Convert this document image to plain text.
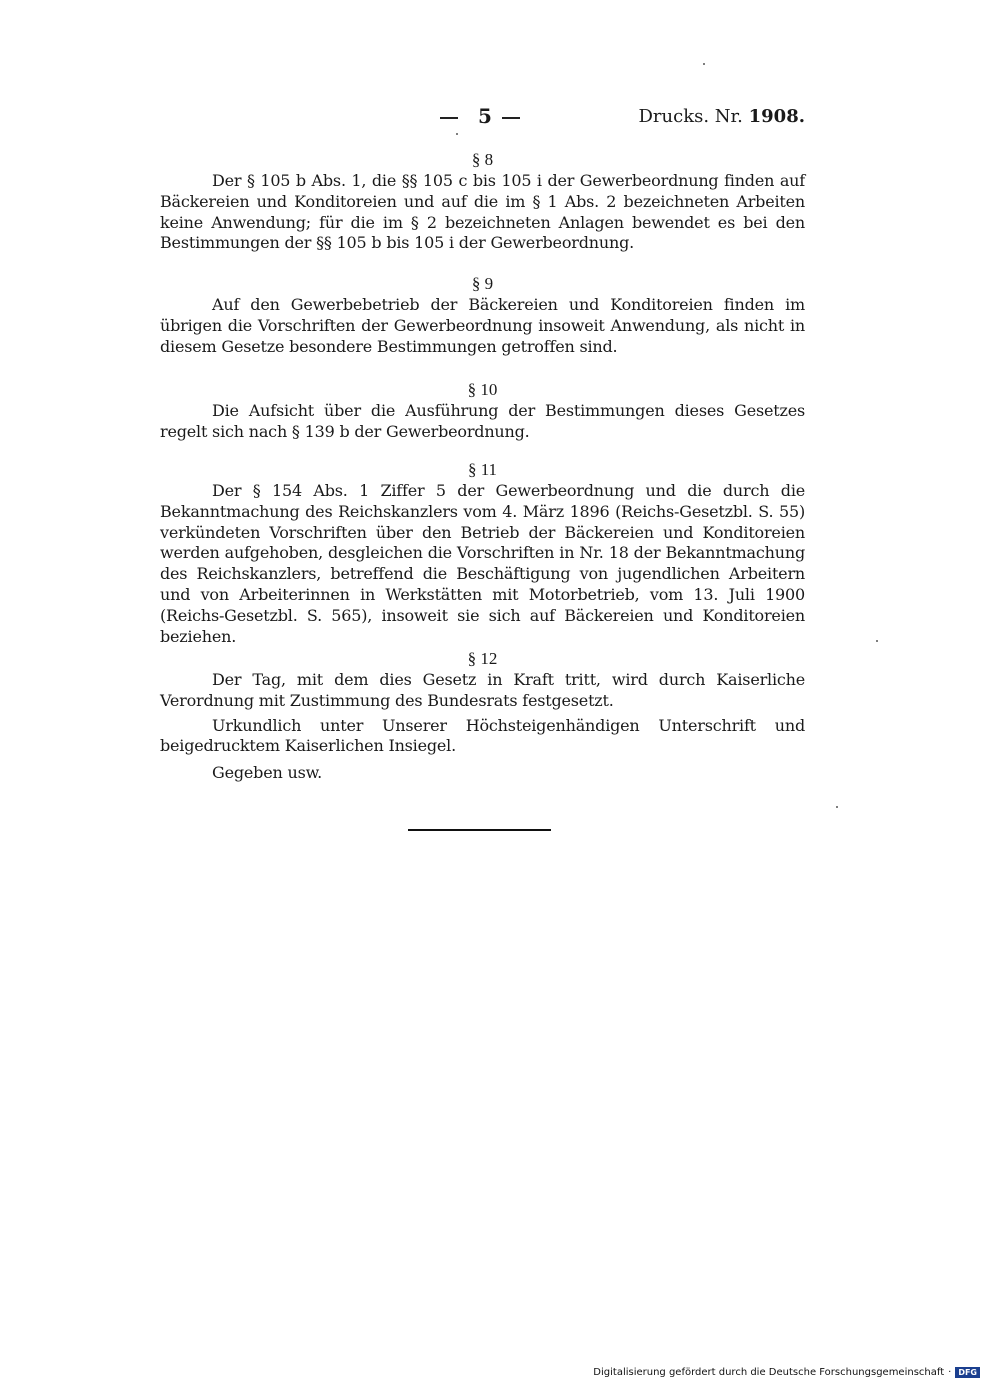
5	Drucks. Nr. 1908.
§ 8

Der § 105 b Abs. 1, die §§ 105 c bis 105 i der Gewerbeordnung finden auf Bäckereien und Konditoreien und auf die im § 1 Abs. 2 bezeichneten Arbeiten keine Anwendung; für die im § 2 bezeichneten Anlagen bewendet es bei den Bestimmungen der §§ 105 b bis 105 i der Gewerbeordnung.

§ 9

Auf den Gewerbebetrieb der Bäckereien und Konditoreien finden im übrigen die Vorschriften der Gewerbeordnung insoweit Anwendung, als nicht in diesem Gesetze besondere Bestimmungen getroffen sind.

§ 10

Die Aufsicht über die Ausführung der Bestimmungen dieses Gesetzes regelt sich nach § 139 b der Gewerbeordnung.

§ 11

Der § 154 Abs. 1 Ziffer 5 der Gewerbeordnung und die durch die Bekanntmachung des Reichskanzlers vom 4. März 1896 (Reichs-Gesetzbl. S. 55) verkündeten Vorschriften über den Betrieb der Bäckereien und Konditoreien werden aufgehoben, desgleichen die Vorschriften in Nr. 18 der Bekanntmachung des Reichskanzlers, betreffend die Beschäftigung von jugendlichen Arbeitern und von Arbeiterinnen in Werkstätten mit Motorbetrieb, vom 13. Juli 1900 (Reichs-Gesetzbl. S. 565), insoweit sie sich auf Bäckereien und Konditoreien beziehen.

§ 12

Der Tag, mit dem dies Gesetz in Kraft tritt, wird durch Kaiserliche Verordnung mit Zustimmung des Bundesrats festgesetzt.

Urkundlich unter Unserer Höchsteigenhändigen Unterschrift und beigedrucktem Kaiserlichen Insiegel.

Gegeben usw.

Digitalisierung gefördert durch die Deutsche Forschungsgemeinschaft · DFG
